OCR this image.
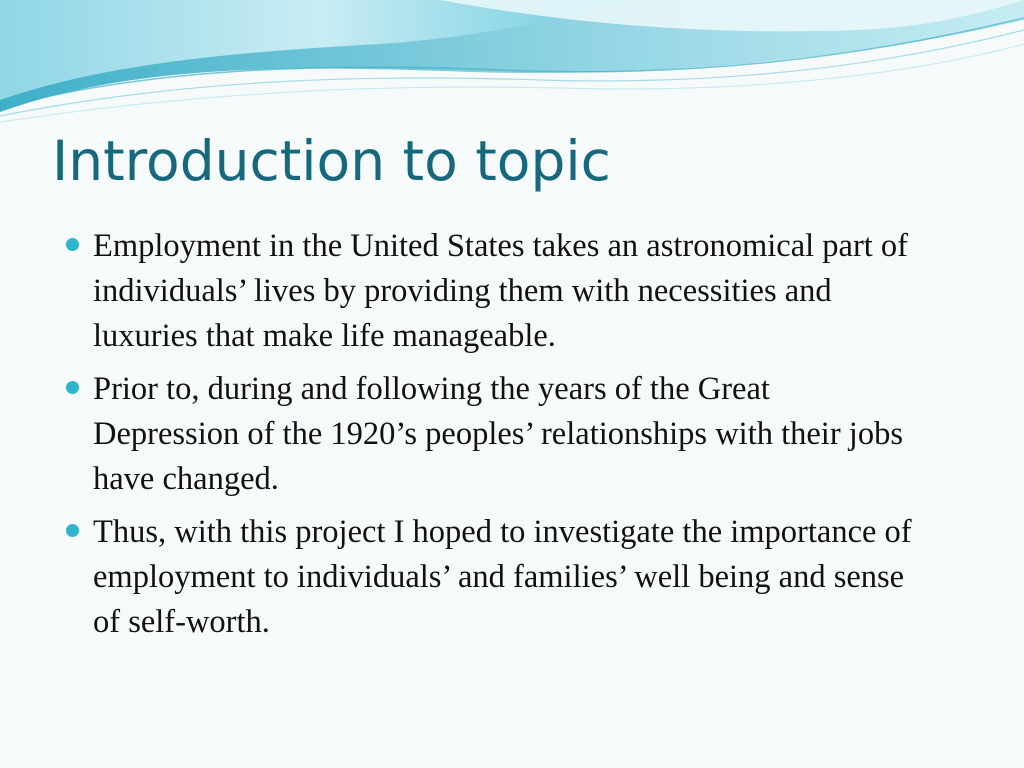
Introduction to topic
Employment in the United States takes an astronomical part of individuals’ lives by providing them with necessities and luxuries that make life manageable.
Prior to, during and following the years of the Great Depression of the 1920’s peoples’ relationships with their jobs have changed.
Thus, with this project I hoped to investigate the importance of employment to individuals’ and families’ well being and sense of self-worth.
